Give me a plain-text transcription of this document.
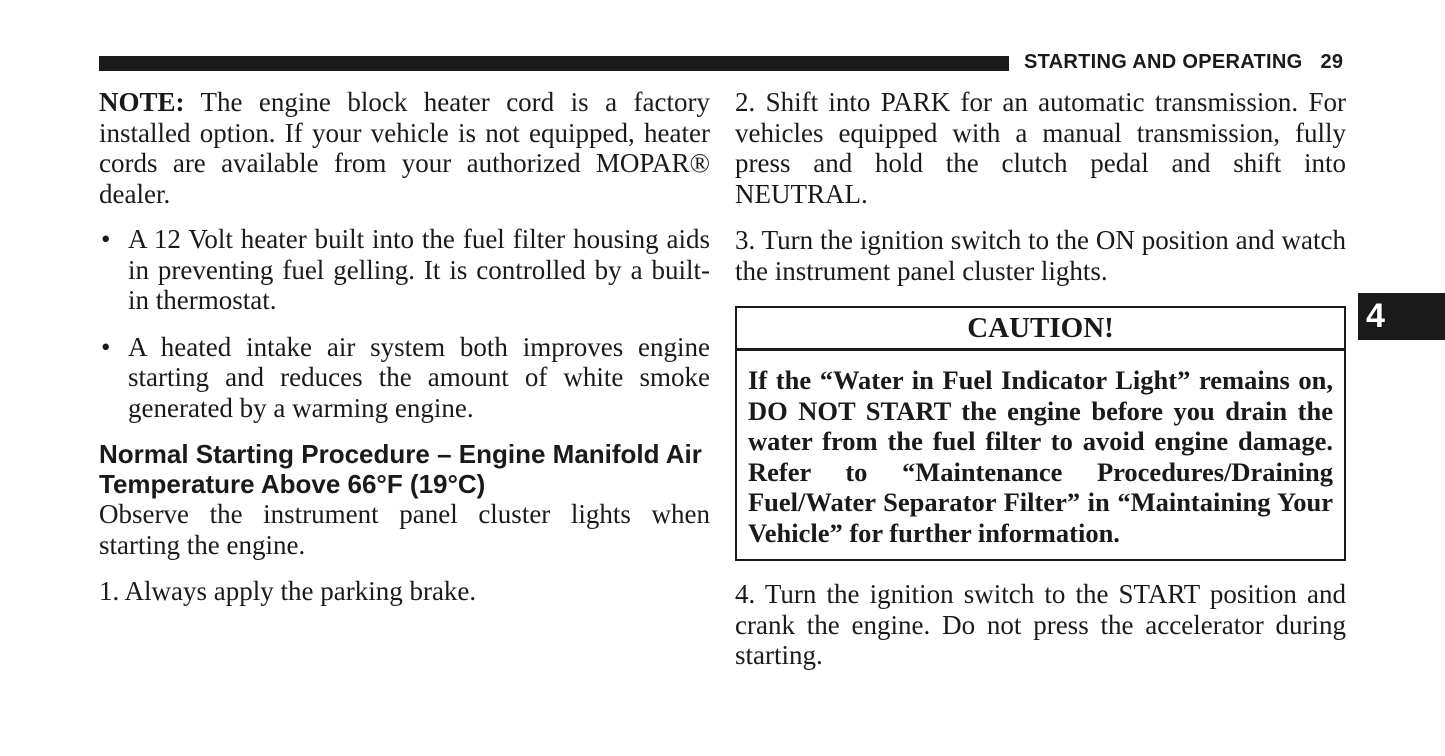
STARTING AND OPERATING 29

NOTE: The engine block heater cord is a factory installed option. If your vehicle is not equipped, heater cords are available from your authorized MOPAR® dealer.

• A 12 Volt heater built into the fuel filter housing aids in preventing fuel gelling. It is controlled by a built-in thermostat.
• A heated intake air system both improves engine starting and reduces the amount of white smoke generated by a warming engine.
Normal Starting Procedure – Engine Manifold Air Temperature Above 66°F (19°C)

Observe the instrument panel cluster lights when starting the engine.

1. Always apply the parking brake.

2. Shift into PARK for an automatic transmission. For vehicles equipped with a manual transmission, fully press and hold the clutch pedal and shift into NEUTRAL.

3. Turn the ignition switch to the ON position and watch the instrument panel cluster lights.

CAUTION!
If the “Water in Fuel Indicator Light” remains on, DO NOT START the engine before you drain the water from the fuel filter to avoid engine damage. Refer to “Maintenance Procedures/Draining Fuel/Water Separator Filter” in “Maintaining Your Vehicle” for further information.

4. Turn the ignition switch to the START position and crank the engine. Do not press the accelerator during starting.

4
